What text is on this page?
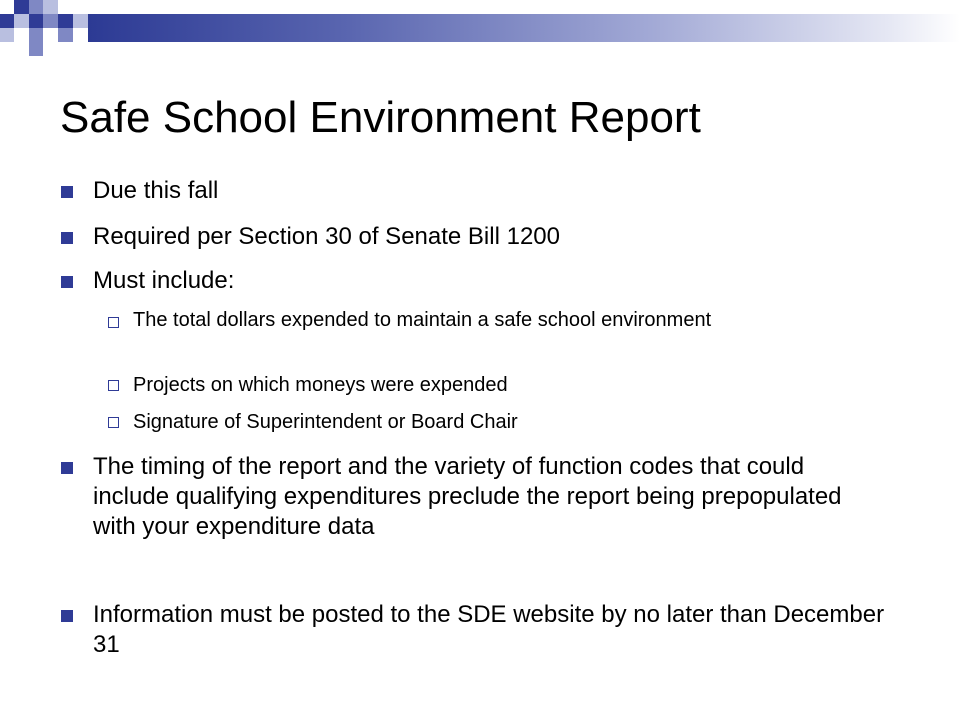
Safe School Environment Report
Due this fall
Required per Section 30 of Senate Bill 1200
Must include:
The total dollars expended to maintain a safe school environment
Projects on which moneys were expended
Signature of Superintendent or Board Chair
The timing of the report and the variety of function codes that could include qualifying expenditures preclude the report being prepopulated with your expenditure data
Information must be posted to the SDE website by no later than December 31
